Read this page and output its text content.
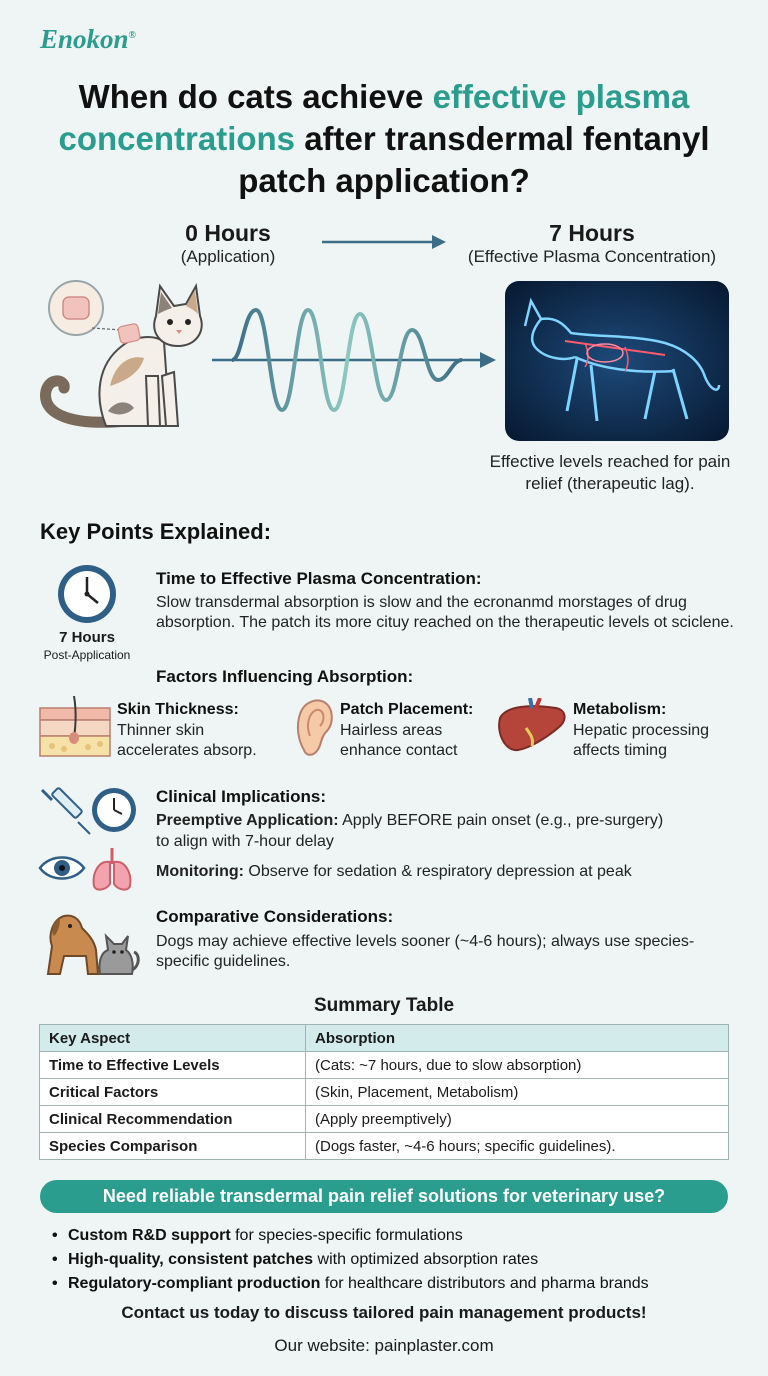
Enokon®
When do cats achieve effective plasma concentrations after transdermal fentanyl patch application?
0 Hours
(Application)
7 Hours
(Effective Plasma Concentration)
Effective levels reached for pain relief (therapeutic lag).
Key Points Explained:
7 Hours
Post-Application
Time to Effective Plasma Concentration:
Slow transdermal absorption is slow and the ecronanmd morstages of drug absorption. The patch its more cituy reached on the therapeutic levels ot sciclene.
Factors Influencing Absorption:
Skin Thickness:
Thinner skin
accelerates absorp.
Patch Placement:
Hairless areas
enhance contact
Metabolism:
Hepatic processing
affects timing
Clinical Implications:
Preemptive Application: Apply BEFORE pain onset (e.g., pre-surgery)
to align with 7-hour delay
Monitoring: Observe for sedation & respiratory depression at peak
Comparative Considerations:
Dogs may achieve effective levels sooner (~4-6 hours); always use species-specific guidelines.
Summary Table
Key Aspect	Absorption
Time to Effective Levels	(Cats: ~7 hours, due to slow absorption)
Critical Factors	(Skin, Placement, Metabolism)
Clinical Recommendation	(Apply preemptively)
Species Comparison	(Dogs faster, ~4-6 hours; specific guidelines).
Need reliable transdermal pain relief solutions for veterinary use?
• Custom R&D support for species-specific formulations
• High-quality, consistent patches with optimized absorption rates
• Regulatory-compliant production for healthcare distributors and pharma brands
Contact us today to discuss tailored pain management products!
Our website: painplaster.com
